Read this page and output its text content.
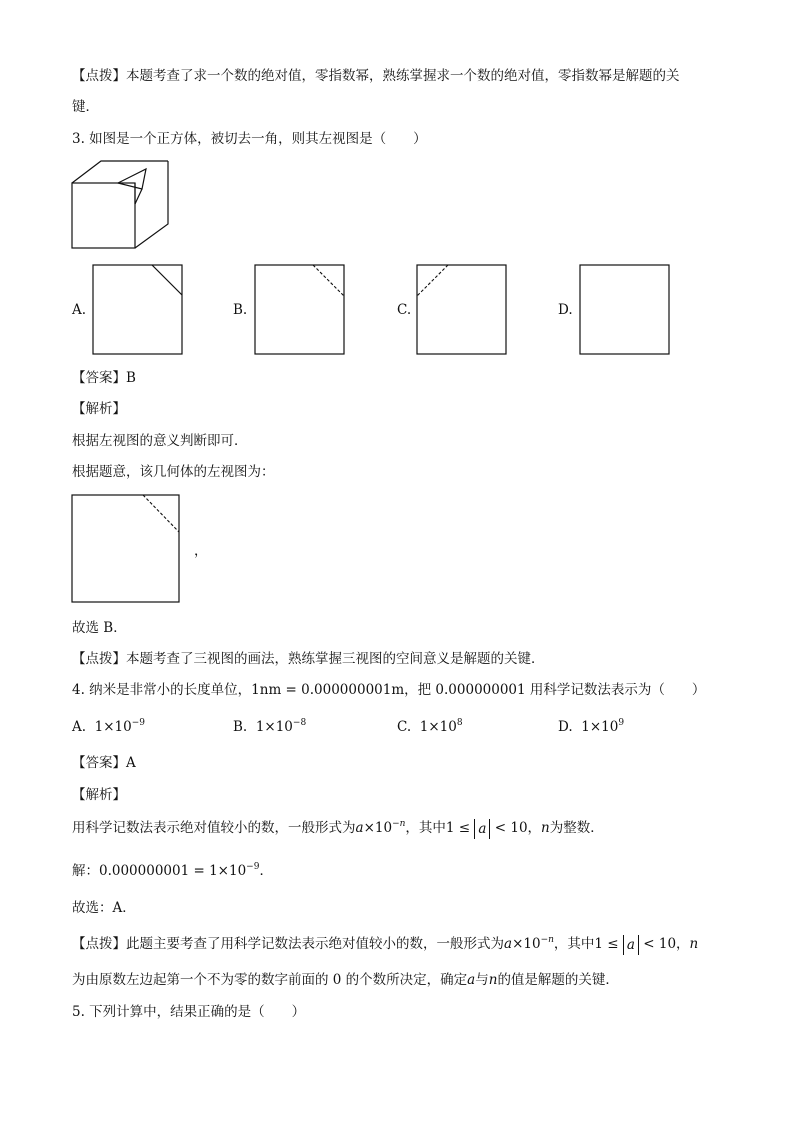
【点拨】本题考查了求一个数的绝对值，零指数幂，熟练掌握求一个数的绝对值，零指数幂是解题的关
键．
3. 如图是一个正方体，被切去一角，则其左视图是（　　）
A.	B.	C.	D.
【答案】B
【解析】
根据左视图的意义判断即可．
根据题意，该几何体的左视图为：
，
故选 B．
【点拨】本题考查了三视图的画法，熟练掌握三视图的空间意义是解题的关键．
4. 纳米是非常小的长度单位，1nm = 0.000000001m，把 0.000000001 用科学记数法表示为（　　）
A. $1\times 10^{-9}$	B. $1\times 10^{-8}$	C. $1\times 10^8$	D. $1\times 10^9$
【答案】A
【解析】
用科学记数法表示绝对值较小的数，一般形式为$a\times 10^{-n}$，其中1 ≤ a < 10，n为整数．
解：$0.000000001 = 1\times 10^{-9}$．
故选：A．
【点拨】此题主要考查了用科学记数法表示绝对值较小的数，一般形式为$a\times 10^{-n}$，其中1 ≤ a < 10，n
为由原数左边起第一个不为零的数字前面的 0 的个数所决定，确定a与n的值是解题的关键．
5. 下列计算中，结果正确的是（　　）
